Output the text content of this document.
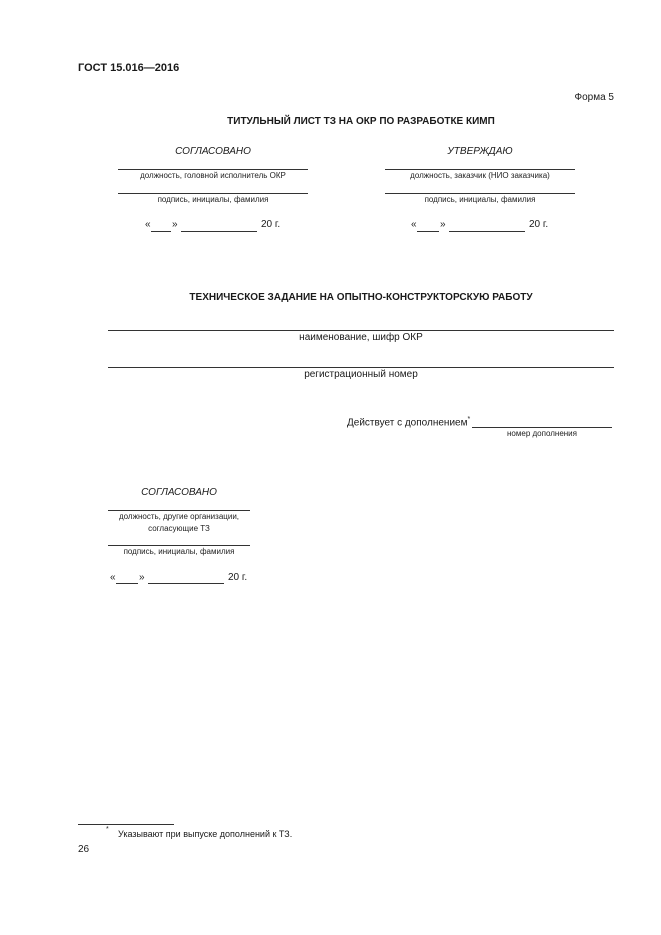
ГОСТ 15.016—2016
Форма 5
ТИТУЛЬНЫЙ ЛИСТ ТЗ НА ОКР ПО РАЗРАБОТКЕ КИМП
СОГЛАСОВАНО
должность, головной исполнитель ОКР
подпись, инициалы, фамилия
« »	20 г.
УТВЕРЖДАЮ
должность, заказчик (НИО заказчика)
подпись, инициалы, фамилия
« »	20 г.
ТЕХНИЧЕСКОЕ ЗАДАНИЕ НА ОПЫТНО-КОНСТРУКТОРСКУЮ РАБОТУ
наименование, шифр ОКР
регистрационный номер
Действует с дополнением*
номер дополнения
СОГЛАСОВАНО
должность, другие организации,
согласующие ТЗ
подпись, инициалы, фамилия
« »	20 г.
* Указывают при выпуске дополнений к ТЗ.
26
